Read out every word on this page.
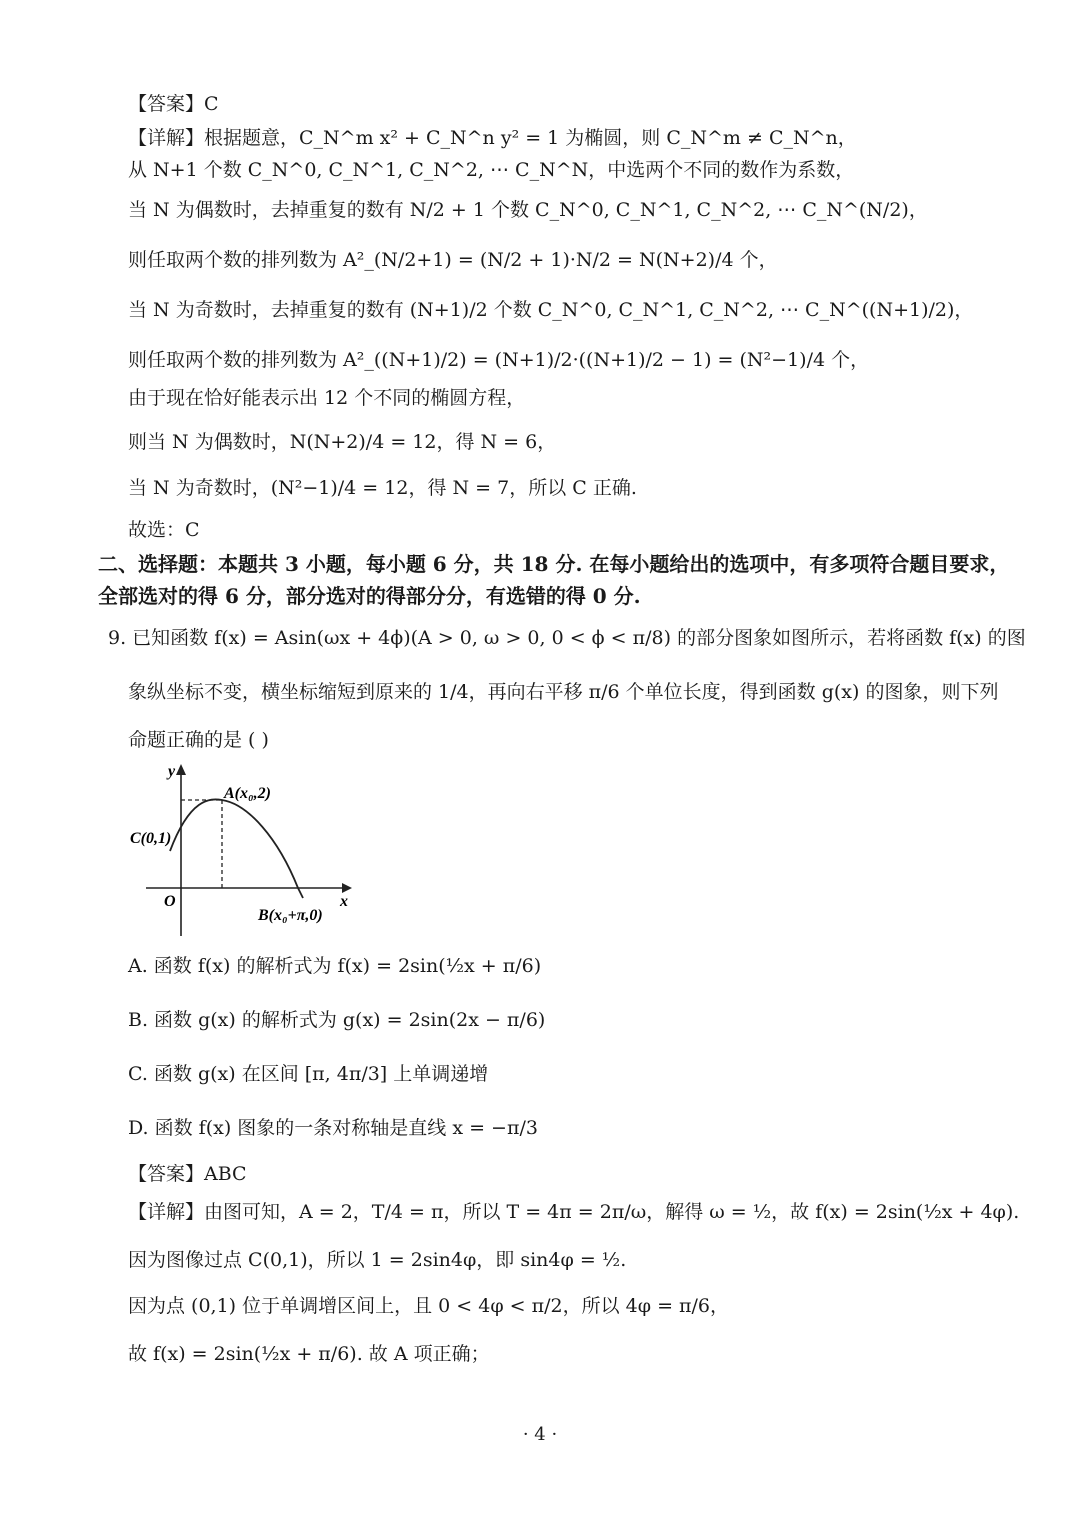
【答案】C
【详解】根据题意，C_N^m x² + C_N^n y² = 1 为椭圆，则 C_N^m ≠ C_N^n，
从 N+1 个数 C_N^0, C_N^1, C_N^2, ⋯ C_N^N，中选两个不同的数作为系数，
当 N 为偶数时，去掉重复的数有 N/2 + 1 个数 C_N^0, C_N^1, C_N^2, ⋯ C_N^(N/2)，
则任取两个数的排列数为 A²_(N/2+1) = (N/2 + 1)·N/2 = N(N+2)/4 个，
当 N 为奇数时，去掉重复的数有 (N+1)/2 个数 C_N^0, C_N^1, C_N^2, ⋯ C_N^((N+1)/2)，
则任取两个数的排列数为 A²_((N+1)/2) = (N+1)/2·((N+1)/2 − 1) = (N²−1)/4 个，
由于现在恰好能表示出 12 个不同的椭圆方程，
则当 N 为偶数时，N(N+2)/4 = 12，得 N = 6，
当 N 为奇数时，(N²−1)/4 = 12，得 N = 7，所以 C 正确.
故选：C
二、选择题：本题共 3 小题，每小题 6 分，共 18 分. 在每小题给出的选项中，有多项符合题目要求，
全部选对的得 6 分，部分选对的得部分分，有选错的得 0 分.
9. 已知函数 f(x) = Asin(ωx + 4ϕ)(A > 0, ω > 0, 0 < ϕ < π/8) 的部分图象如图所示，若将函数 f(x) 的图
象纵坐标不变，横坐标缩短到原来的 1/4，再向右平移 π/6 个单位长度，得到函数 g(x) 的图象，则下列
命题正确的是 ( )
y
x
O
A(x₀,2)
C(0,1)
B(x₀+π,0)
A. 函数 f(x) 的解析式为 f(x) = 2sin(½x + π/6)
B. 函数 g(x) 的解析式为 g(x) = 2sin(2x − π/6)
C. 函数 g(x) 在区间 [π, 4π/3] 上单调递增
D. 函数 f(x) 图象的一条对称轴是直线 x = −π/3
【答案】ABC
【详解】由图可知，A = 2，T/4 = π，所以 T = 4π = 2π/ω，解得 ω = ½，故 f(x) = 2sin(½x + 4φ).
因为图像过点 C(0,1)，所以 1 = 2sin4φ，即 sin4φ = ½.
因为点 (0,1) 位于单调增区间上，且 0 < 4φ < π/2，所以 4φ = π/6，
故 f(x) = 2sin(½x + π/6). 故 A 项正确；
· 4 ·
